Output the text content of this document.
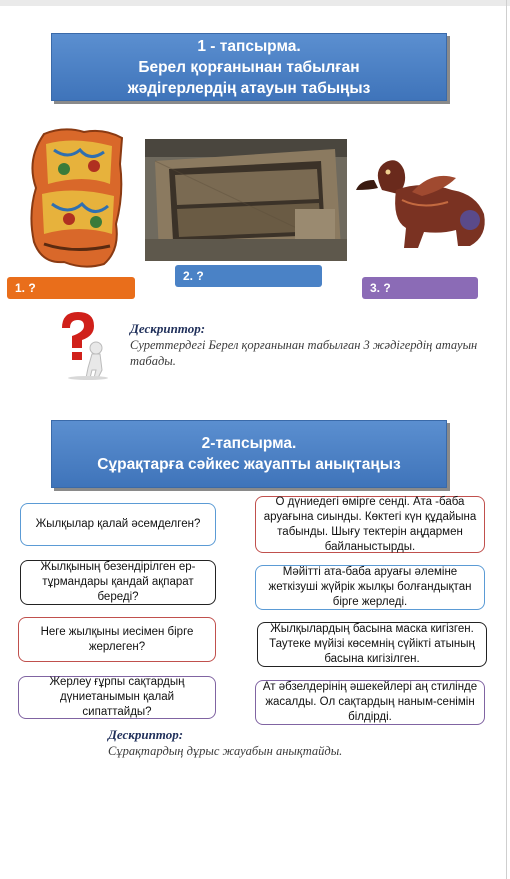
1 - тапсырма.
Берел қорғанынан табылған
жәдігерлердің атауын табыңыз
1. ?
2. ?
3. ?
Дескриптор:
Суреттердегі Берел қорғанынан табылған 3 жәдігердің атауын табады.
2-тапсырма.
Сұрақтарға сәйкес жауапты анықтаңыз
Жылқылар қалай әсемделген?
Жылқының безендірілген ер-тұрмандары қандай ақпарат береді?
Неге жылқыны иесімен бірге жерлеген?
Жерлеу ғұрпы сақтардың дүниетанымын қалай сипаттайды?
О дүниедегі өмірге сенді. Ата -баба аруағына сиынды. Көктегі күн құдайына табынды. Шығу тектерін аңдармен байланыстырды.
Мәйітті ата-баба аруағы әлеміне жеткізуші жүйрік жылқы болғандықтан бірге жерледі.
Жылқылардың басына маска кигізген. Таутеке мүйізі көсемнің сүйікті атының басына кигізілген.
Ат әбзелдерінің әшекейлері аң стилінде жасалды. Ол сақтардың наным-сенімін білдірді.
Дескриптор:
Сұрақтардың дұрыс жауабын анықтайды.
